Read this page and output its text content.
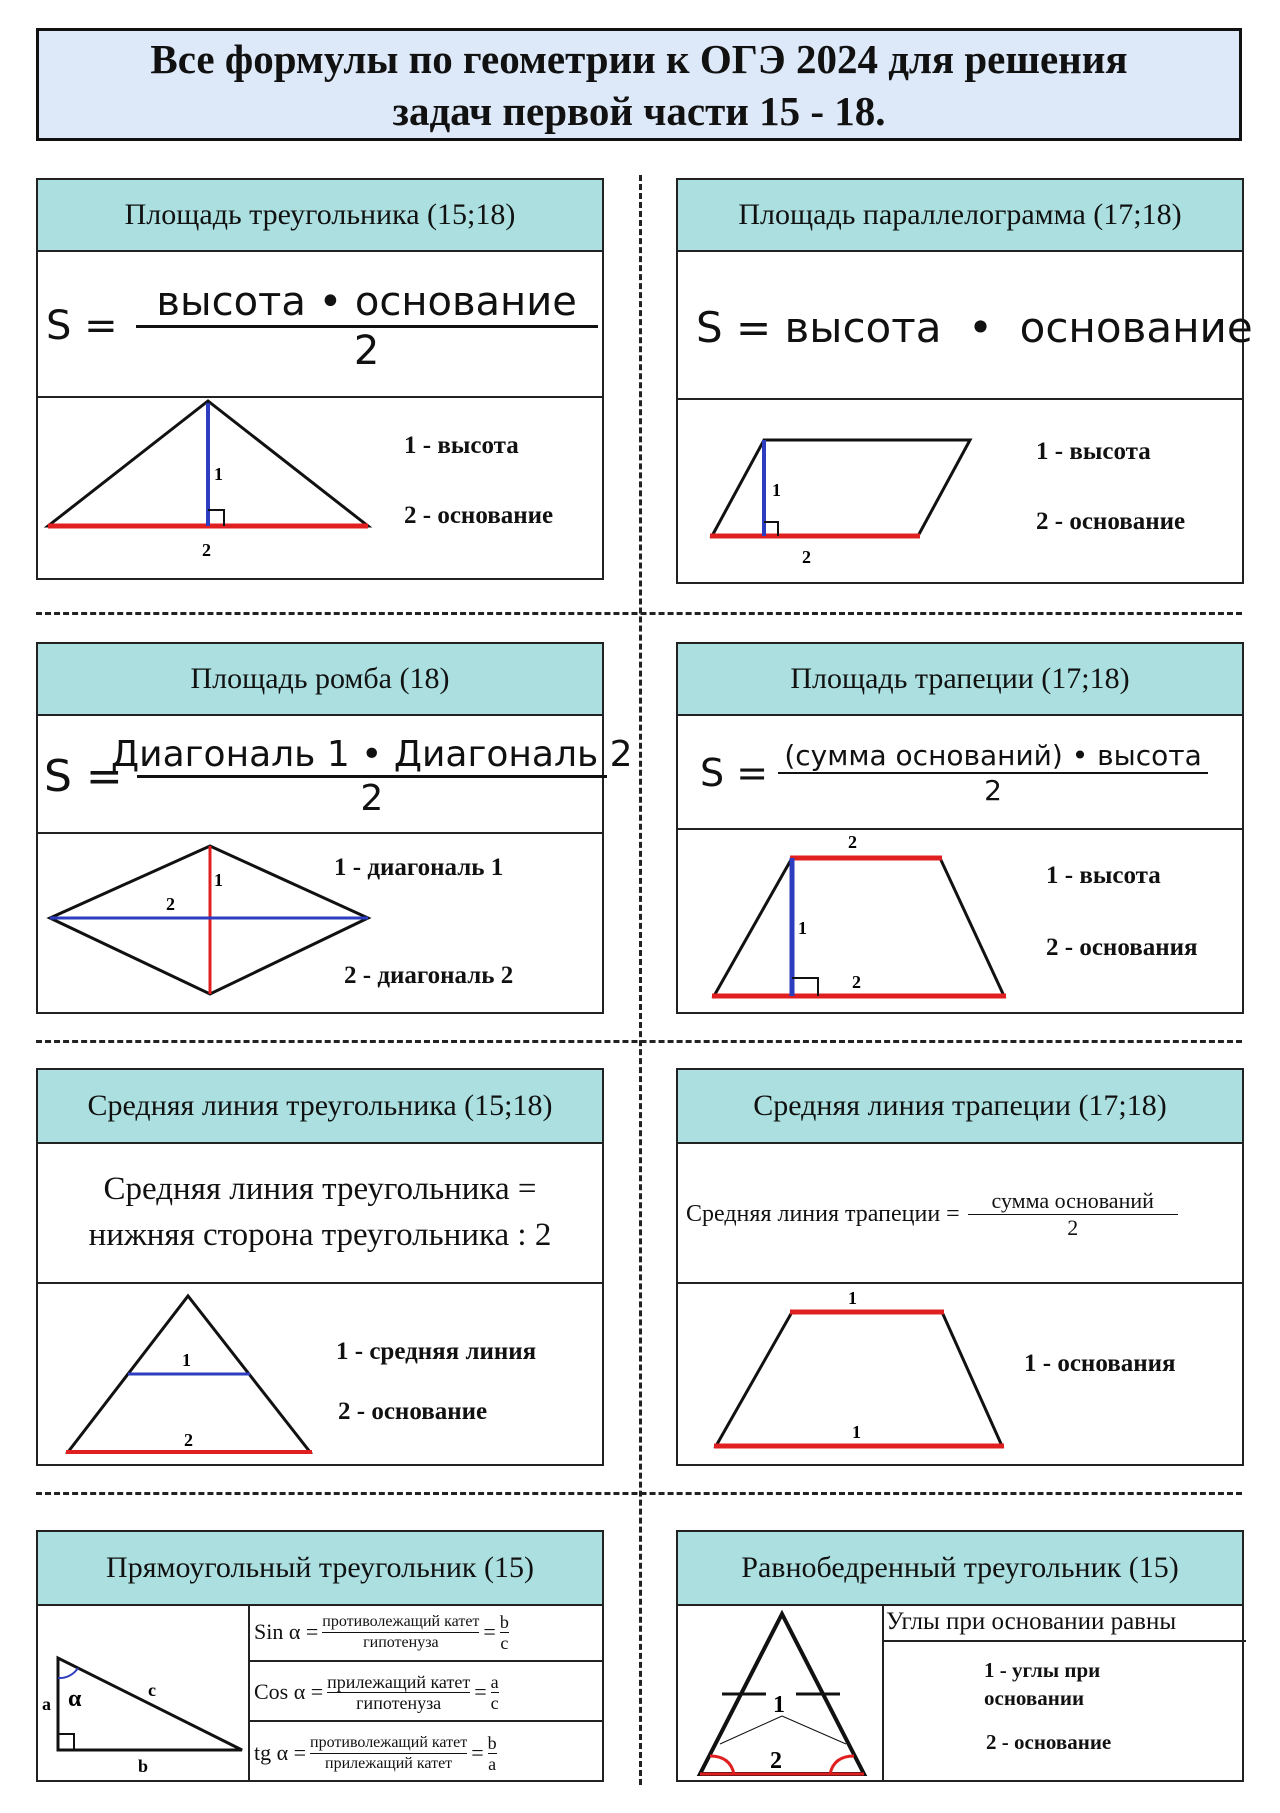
Все формулы по геометрии к ОГЭ 2024 для решения задач первой части 15 - 18.
Площадь треугольника (15;18)
$S = \frac{\text{высота • основание}}{2}$
1
2
1 - высота
2 - основание
Площадь параллелограмма (17;18)
S = высота  •  основание
1
2
1 - высота
2 - основание
Площадь ромба (18)
$S = \frac{\text{Диагональ 1 • Диагональ 2}}{2}$
1
2
1 - диагональ 1
2 - диагональ 2
Площадь трапеции (17;18)
$S = \frac{\text{(сумма оснований) • высота}}{2}$
1
2
2
1 - высота
2 - основания
Средняя линия треугольника (15;18)
Средняя линия треугольника =
нижняя сторона треугольника : 2
1
2
1 - средняя линия
2 - основание
Средняя линия трапеции (17;18)
Средняя линия трапеции = $\frac{\text{сумма оснований}}{2}$
1
1
1 - основания
Прямоугольный треугольник (15)
α
a
b
c
Sin α = противолежащий катет
гипотенуза = b
c
Cos α = прилежащий катет
гипотенуза = a
c
tg α = противолежащий катет
прилежащий катет = b
a
Равнобедренный треугольник (15)
1
2
Углы при основании равны
1 - углы при основании
2 - основание
